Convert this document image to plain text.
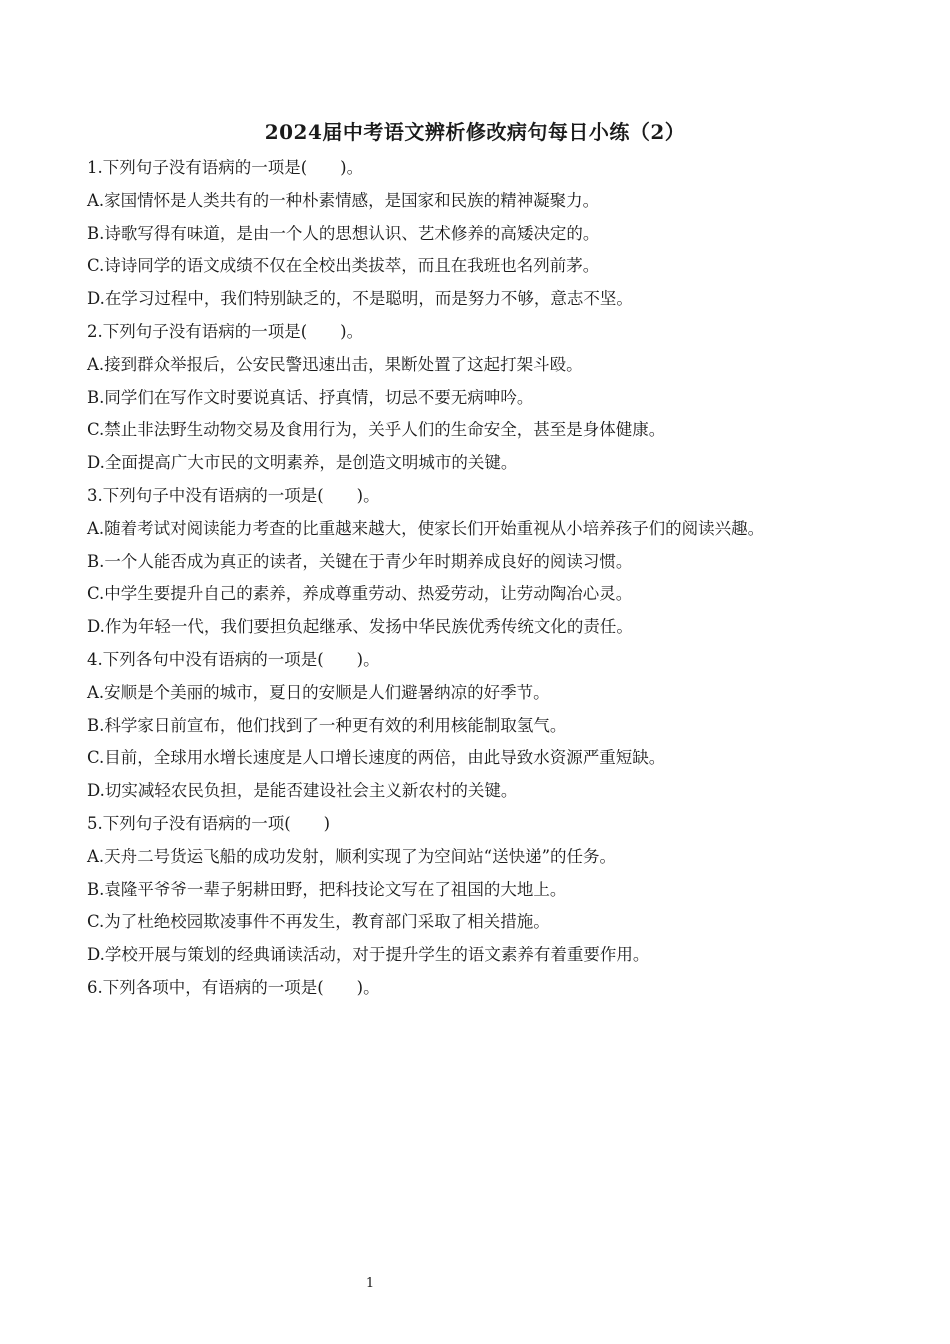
2024届中考语文辨析修改病句每日小练（2）
1.下列句子没有语病的一项是(　　)。
A.家国情怀是人类共有的一种朴素情感，是国家和民族的精神凝聚力。
B.诗歌写得有味道，是由一个人的思想认识、艺术修养的高矮决定的。
C.诗诗同学的语文成绩不仅在全校出类拔萃，而且在我班也名列前茅。
D.在学习过程中，我们特别缺乏的，不是聪明，而是努力不够，意志不坚。
2.下列句子没有语病的一项是(　　)。
A.接到群众举报后，公安民警迅速出击，果断处置了这起打架斗殴。
B.同学们在写作文时要说真话、抒真情，切忌不要无病呻吟。
C.禁止非法野生动物交易及食用行为，关乎人们的生命安全，甚至是身体健康。
D.全面提高广大市民的文明素养，是创造文明城市的关键。
3.下列句子中没有语病的一项是(　　)。
A.随着考试对阅读能力考查的比重越来越大，使家长们开始重视从小培养孩子们的阅读兴趣。
B.一个人能否成为真正的读者，关键在于青少年时期养成良好的阅读习惯。
C.中学生要提升自己的素养，养成尊重劳动、热爱劳动，让劳动陶冶心灵。
D.作为年轻一代，我们要担负起继承、发扬中华民族优秀传统文化的责任。
4.下列各句中没有语病的一项是(　　)。
A.安顺是个美丽的城市，夏日的安顺是人们避暑纳凉的好季节。
B.科学家日前宣布，他们找到了一种更有效的利用核能制取氢气。
C.目前，全球用水增长速度是人口增长速度的两倍，由此导致水资源严重短缺。
D.切实减轻农民负担，是能否建设社会主义新农村的关键。
5.下列句子没有语病的一项(　　)
A.天舟二号货运飞船的成功发射，顺利实现了为空间站“送快递”的任务。
B.袁隆平爷爷一辈子躬耕田野，把科技论文写在了祖国的大地上。
C.为了杜绝校园欺凌事件不再发生，教育部门采取了相关措施。
D.学校开展与策划的经典诵读活动，对于提升学生的语文素养有着重要作用。
6.下列各项中，有语病的一项是(　　)。
1
